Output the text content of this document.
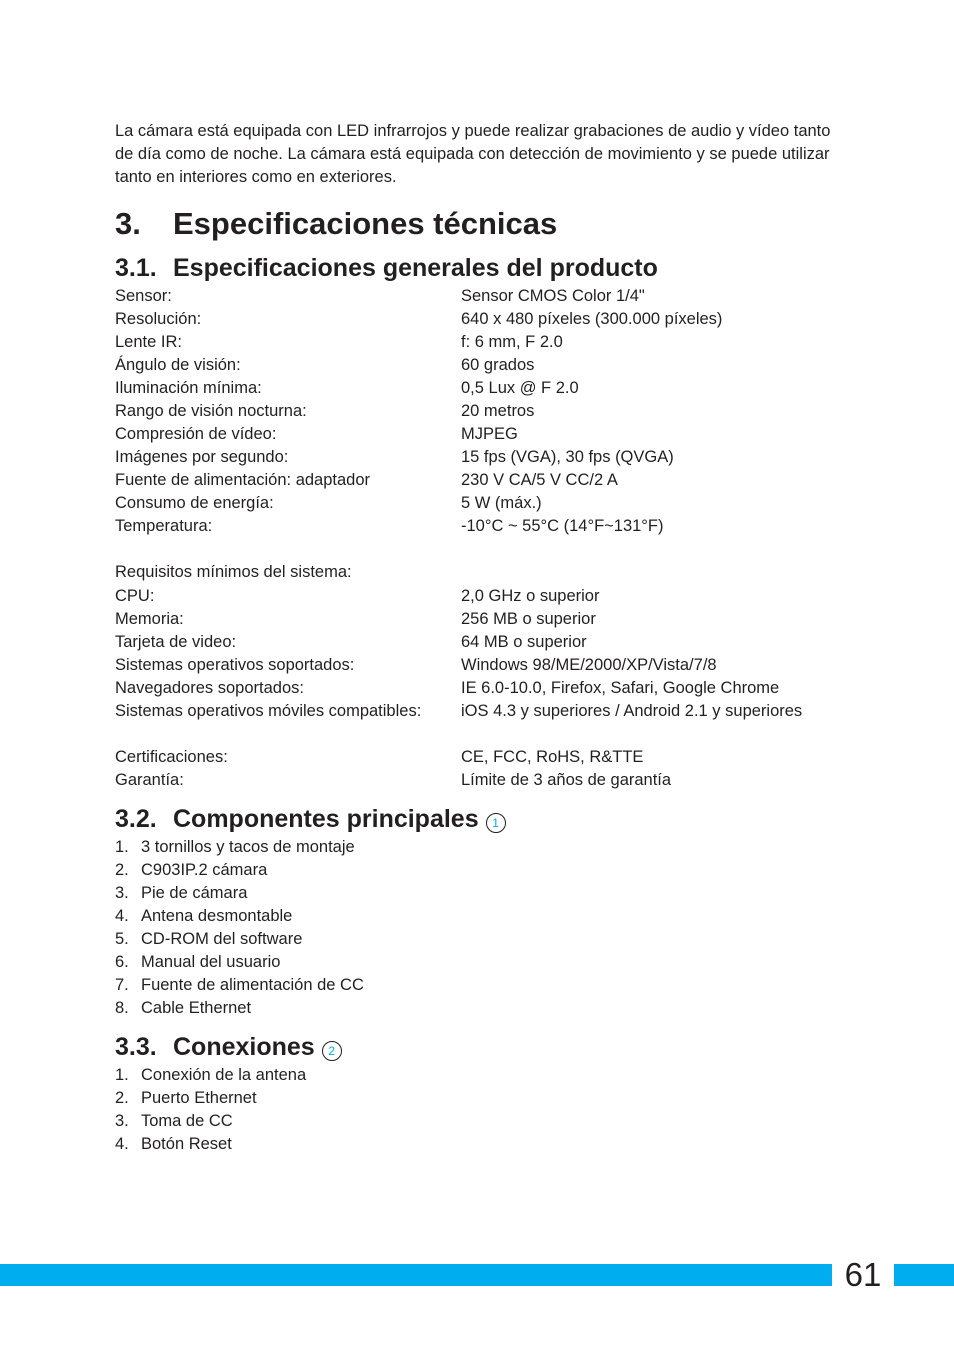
La cámara está equipada con LED infrarrojos y puede realizar grabaciones de audio y vídeo tanto de día como de noche. La cámara está equipada con detección de movimiento y se puede utilizar tanto en interiores como en exteriores.

3.	Especificaciones técnicas
3.1. Especificaciones generales del producto
Sensor:	Sensor CMOS Color 1/4"
Resolución:	640 x 480 píxeles (300.000 píxeles)
Lente IR:	f: 6 mm, F 2.0
Ángulo de visión:	60 grados
Iluminación mínima:	0,5 Lux @ F 2.0
Rango de visión nocturna:	20 metros
Compresión de vídeo:	MJPEG
Imágenes por segundo:	15 fps (VGA), 30 fps (QVGA)
Fuente de alimentación: adaptador	230 V CA/5 V CC/2 A
Consumo de energía:	5 W (máx.)
Temperatura:	-10°C ~ 55°C (14°F~131°F)
Requisitos mínimos del sistema:
CPU:	2,0 GHz o superior
Memoria:	256 MB o superior
Tarjeta de video:	64 MB o superior
Sistemas operativos soportados:	Windows 98/ME/2000/XP/Vista/7/8
Navegadores soportados:	IE 6.0-10.0, Firefox, Safari, Google Chrome
Sistemas operativos móviles compatibles:	iOS 4.3 y superiores / Android 2.1 y superiores
Certificaciones:	CE, FCC, RoHS, R&TTE
Garantía:	Límite de 3 años de garantía
3.2. Componentes principales	1
1. 3 tornillos y tacos de montaje
2. C903IP.2 cámara
3. Pie de cámara
4. Antena desmontable
5. CD-ROM del software
6. Manual del usuario
7. Fuente de alimentación de CC
8. Cable Ethernet
3.3. Conexiones	2
1. Conexión de la antena
2. Puerto Ethernet
3. Toma de CC
4. Botón Reset
61
